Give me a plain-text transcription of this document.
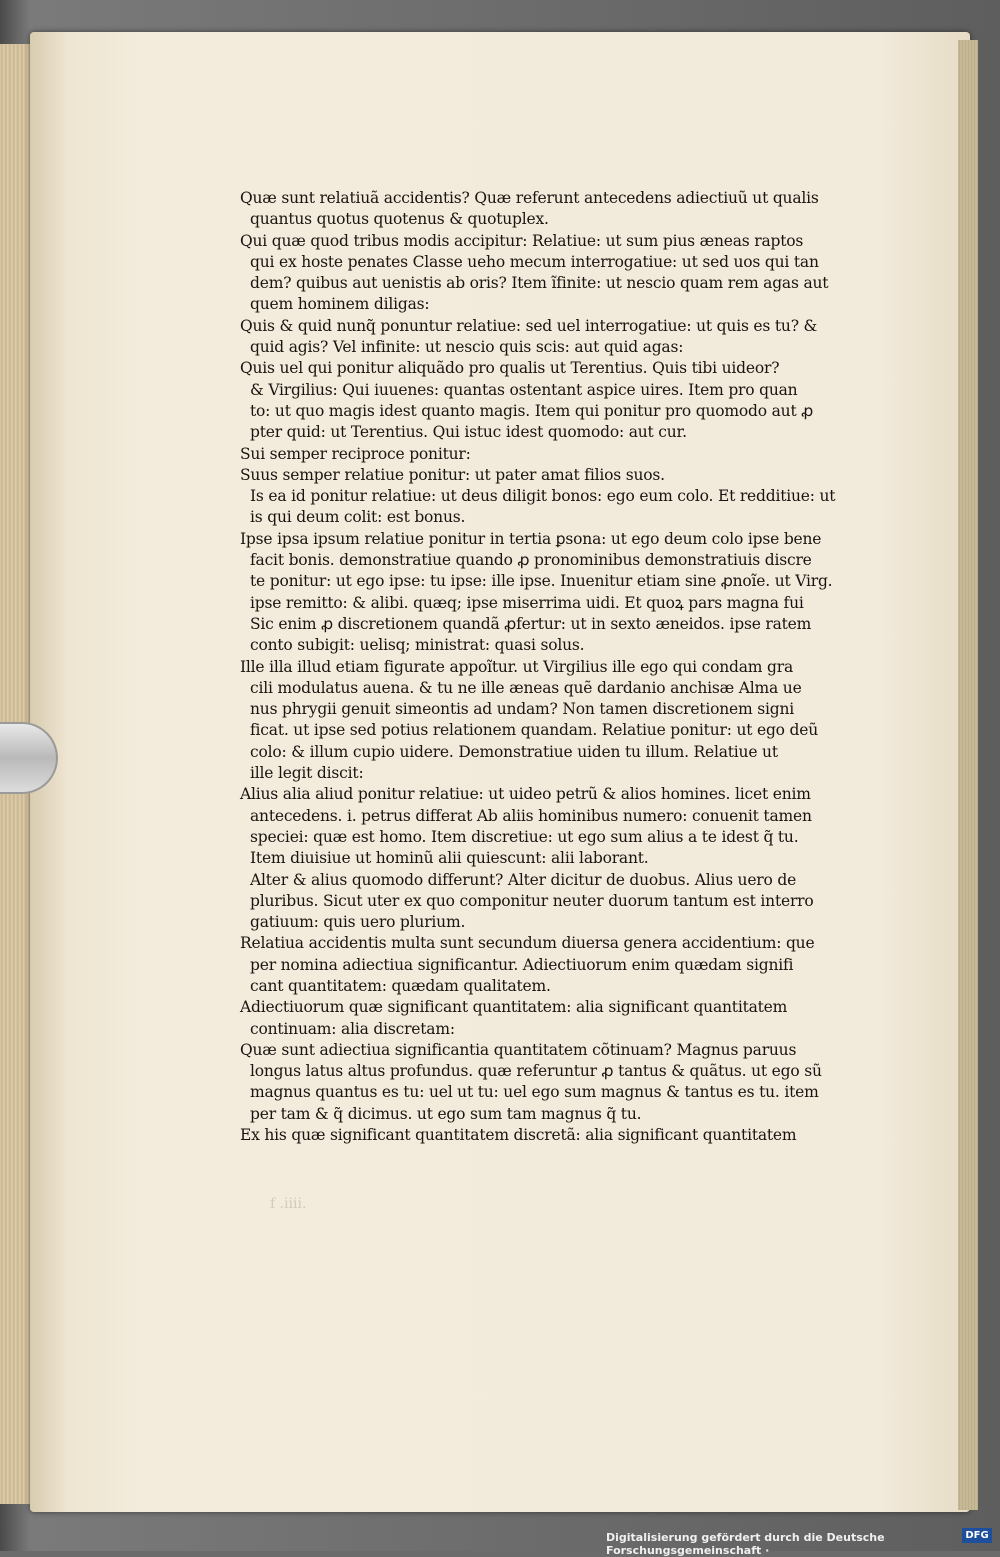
Quæ sunt relatiuã accidentis? Quæ referunt antecedens adiectiuũ ut qualis
quantus quotus quotenus & quotuplex.
Qui quæ quod tribus modis accipitur: Relatiue: ut sum pius æneas raptos
qui ex hoste penates Classe ueho mecum interrogatiue: ut sed uos qui tan
dem? quibus aut uenistis ab oris? Item ĩfinite: ut nescio quam rem agas aut
quem hominem diligas:
Quis & quid nunq̃ ponuntur relatiue: sed uel interrogatiue: ut quis es tu? &
quid agis? Vel infinite: ut nescio quis scis: aut quid agas:
Quis uel qui ponitur aliquãdo pro qualis ut Terentius. Quis tibi uideor?
& Virgilius: Qui iuuenes: quantas ostentant aspice uires. Item pro quan
to: ut quo magis idest quanto magis. Item qui ponitur pro quomodo aut ꝓ
pter quid: ut Terentius. Qui istuc idest quomodo: aut cur.
Sui semper reciproce ponitur:
Suus semper relatiue ponitur: ut pater amat filios suos.
Is ea id ponitur relatiue: ut deus diligit bonos: ego eum colo. Et redditiue: ut
is qui deum colit: est bonus.
Ipse ipsa ipsum relatiue ponitur in tertia ꝑsona: ut ego deum colo ipse bene
facit bonis. demonstratiue quando ꝓ pronominibus demonstratiuis discre
te ponitur: ut ego ipse: tu ipse: ille ipse. Inuenitur etiam sine ꝓnoĩe. ut Virg.
ipse remitto: & alibi. quæq; ipse miserrima uidi. Et quoꝝ pars magna fui
Sic enim ꝓ discretionem quandã ꝓfertur: ut in sexto æneidos. ipse ratem
conto subigit: uelisq; ministrat: quasi solus.
Ille illa illud etiam figurate appoĩtur. ut Virgilius ille ego qui condam gra
cili modulatus auena. & tu ne ille æneas quẽ dardanio anchisæ Alma ue
nus phrygii genuit simeontis ad undam? Non tamen discretionem signi
ficat. ut ipse sed potius relationem quandam. Relatiue ponitur: ut ego deũ
colo: & illum cupio uidere. Demonstratiue uiden tu illum. Relatiue ut
ille legit discit:
Alius alia aliud ponitur relatiue: ut uideo petrũ & alios homines. licet enim
antecedens. i. petrus differat Ab aliis hominibus numero: conuenit tamen
speciei: quæ est homo. Item discretiue: ut ego sum alius a te idest q̃ tu.
Item diuisiue ut hominũ alii quiescunt: alii laborant.
Alter & alius quomodo differunt? Alter dicitur de duobus. Alius uero de
pluribus. Sicut uter ex quo componitur neuter duorum tantum est interro
gatiuum: quis uero plurium.
Relatiua accidentis multa sunt secundum diuersa genera accidentium: que
per nomina adiectiua significantur. Adiectiuorum enim quædam signifi
cant quantitatem: quædam qualitatem.
Adiectiuorum quæ significant quantitatem: alia significant quantitatem
continuam: alia discretam:
Quæ sunt adiectiua significantia quantitatem cõtinuam? Magnus paruus
longus latus altus profundus. quæ referuntur ꝓ tantus & quãtus. ut ego sũ
magnus quantus es tu: uel ut tu: uel ego sum magnus & tantus es tu. item
per tam & q̃ dicimus. ut ego sum tam magnus q̃ tu.
Ex his quæ significant quantitatem discretã: alia significant quantitatem
f .iiii.
Digitalisierung gefördert durch die Deutsche Forschungsgemeinschaft ·
DFG
